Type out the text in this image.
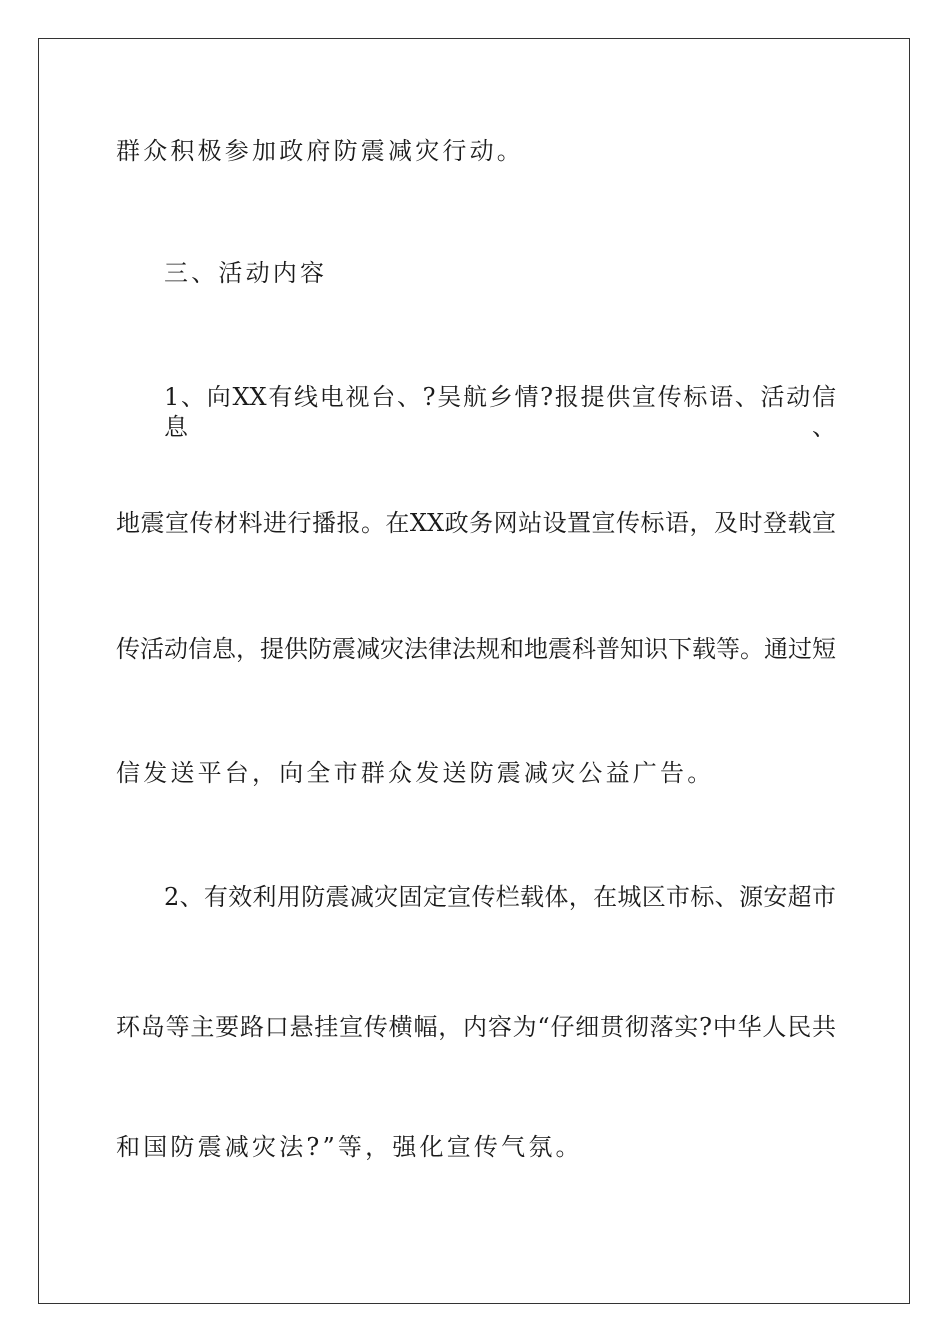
群众积极参加政府防震减灾行动。
三、活动内容
1、向XX有线电视台、?吴航乡情?报提供宣传标语、活动信息、
地震宣传材料进行播报。在XX政务网站设置宣传标语，及时登载宣
传活动信息，提供防震减灾法律法规和地震科普知识下载等。通过短
信发送平台，向全市群众发送防震减灾公益广告。
2、有效利用防震减灾固定宣传栏载体，在城区市标、源安超市
环岛等主要路口悬挂宣传横幅，内容为“仔细贯彻落实?中华人民共
和国防震减灾法?”等，强化宣传气氛。
